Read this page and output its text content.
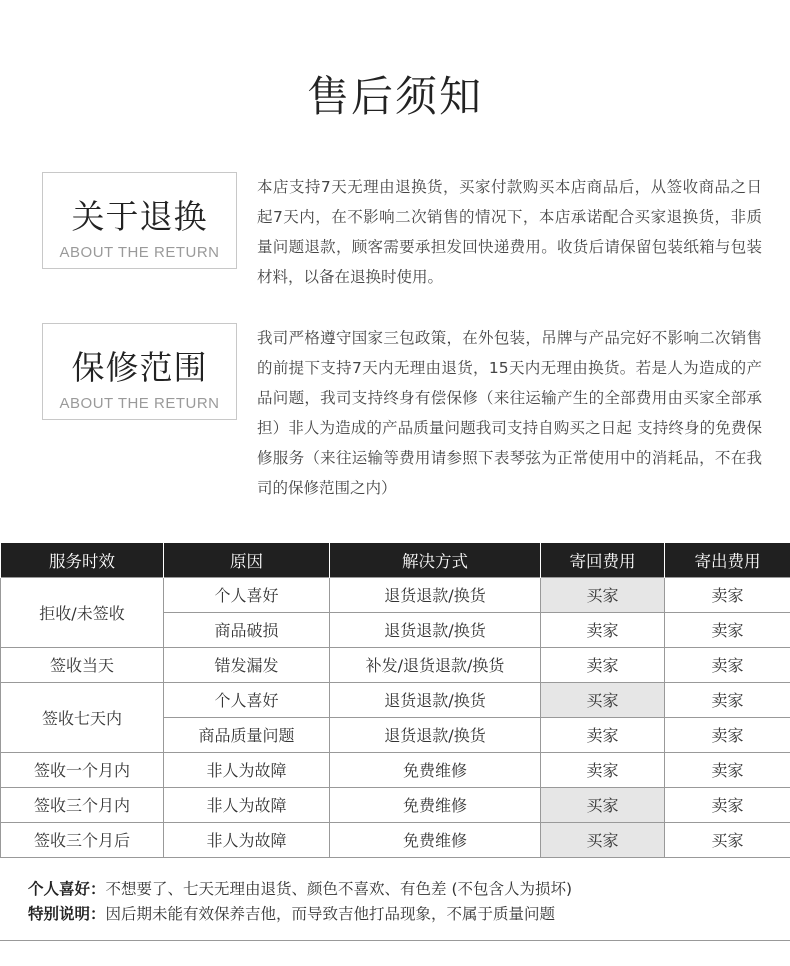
售后须知
关于退换
ABOUT THE RETURN

本店支持7天无理由退换货，买家付款购买本店商品后，从签收商品之日起7天内，在不影响二次销售的情况下，本店承诺配合买家退换货，非质量问题退款，顾客需要承担发回快递费用。收货后请保留包装纸箱与包装材料，以备在退换时使用。

保修范围
ABOUT THE RETURN

我司严格遵守国家三包政策，在外包装，吊牌与产品完好不影响二次销售的前提下支持7天内无理由退货，15天内无理由换货。若是人为造成的产品问题，我司支持终身有偿保修（来往运输产生的全部费用由买家全部承担）非人为造成的产品质量问题我司支持自购买之日起 支持终身的免费保修服务（来往运输等费用请参照下表琴弦为正常使用中的消耗品，不在我司的保修范围之内）

服务时效	原因	解决方式	寄回费用	寄出费用
拒收/未签收	个人喜好	退货退款/换货	买家	卖家
	商品破损	退货退款/换货	卖家	卖家
签收当天	错发漏发	补发/退货退款/换货	卖家	卖家
签收七天内	个人喜好	退货退款/换货	买家	卖家
	商品质量问题	退货退款/换货	卖家	卖家
签收一个月内	非人为故障	免费维修	卖家	卖家
签收三个月内	非人为故障	免费维修	买家	卖家
签收三个月后	非人为故障	免费维修	买家	买家
个人喜好：不想要了、七天无理由退货、颜色不喜欢、有色差 (不包含人为损坏)
特别说明：因后期未能有效保养吉他，而导致吉他打品现象，不属于质量问题
